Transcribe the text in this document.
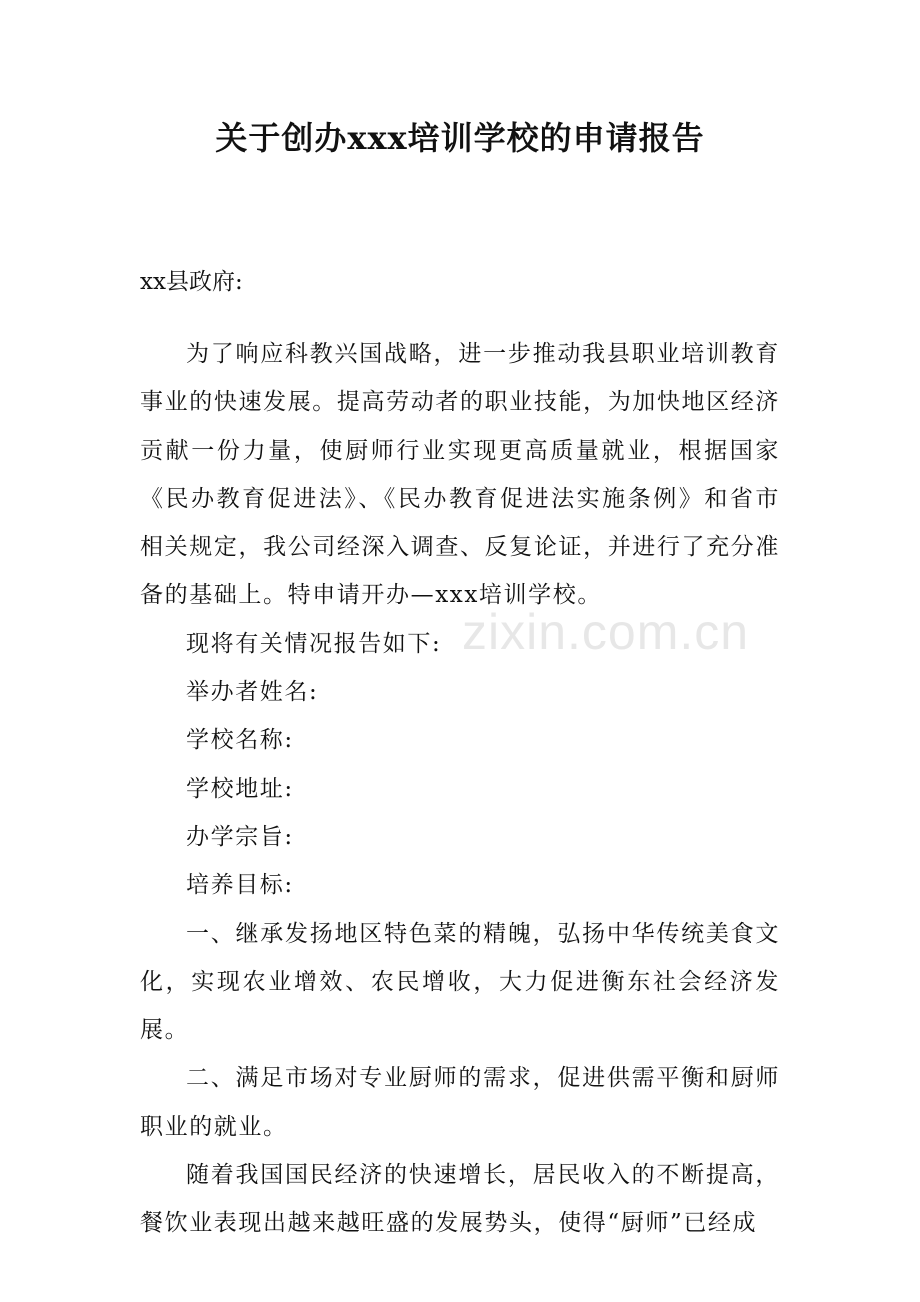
关于创办xxx培训学校的申请报告

xx县政府:

为了响应科教兴国战略，进一步推动我县职业培训教育事业的快速发展。提高劳动者的职业技能，为加快地区经济贡献一份力量，使厨师行业实现更高质量就业，根据国家《民办教育促进法》、《民办教育促进法实施条例》和省市相关规定，我公司经深入调查、反复论证，并进行了充分准备的基础上。特申请开办—xxx培训学校。

现将有关情况报告如下:

举办者姓名:

学校名称:

学校地址:

办学宗旨:

培养目标:

一、继承发扬地区特色菜的精魄，弘扬中华传统美食文化，实现农业增效、农民增收，大力促进衡东社会经济发展。

二、满足市场对专业厨师的需求，促进供需平衡和厨师职业的就业。

随着我国国民经济的快速增长，居民收入的不断提高，餐饮业表现出越来越旺盛的发展势头，使得“厨师”已经成

zixin.com.cn
